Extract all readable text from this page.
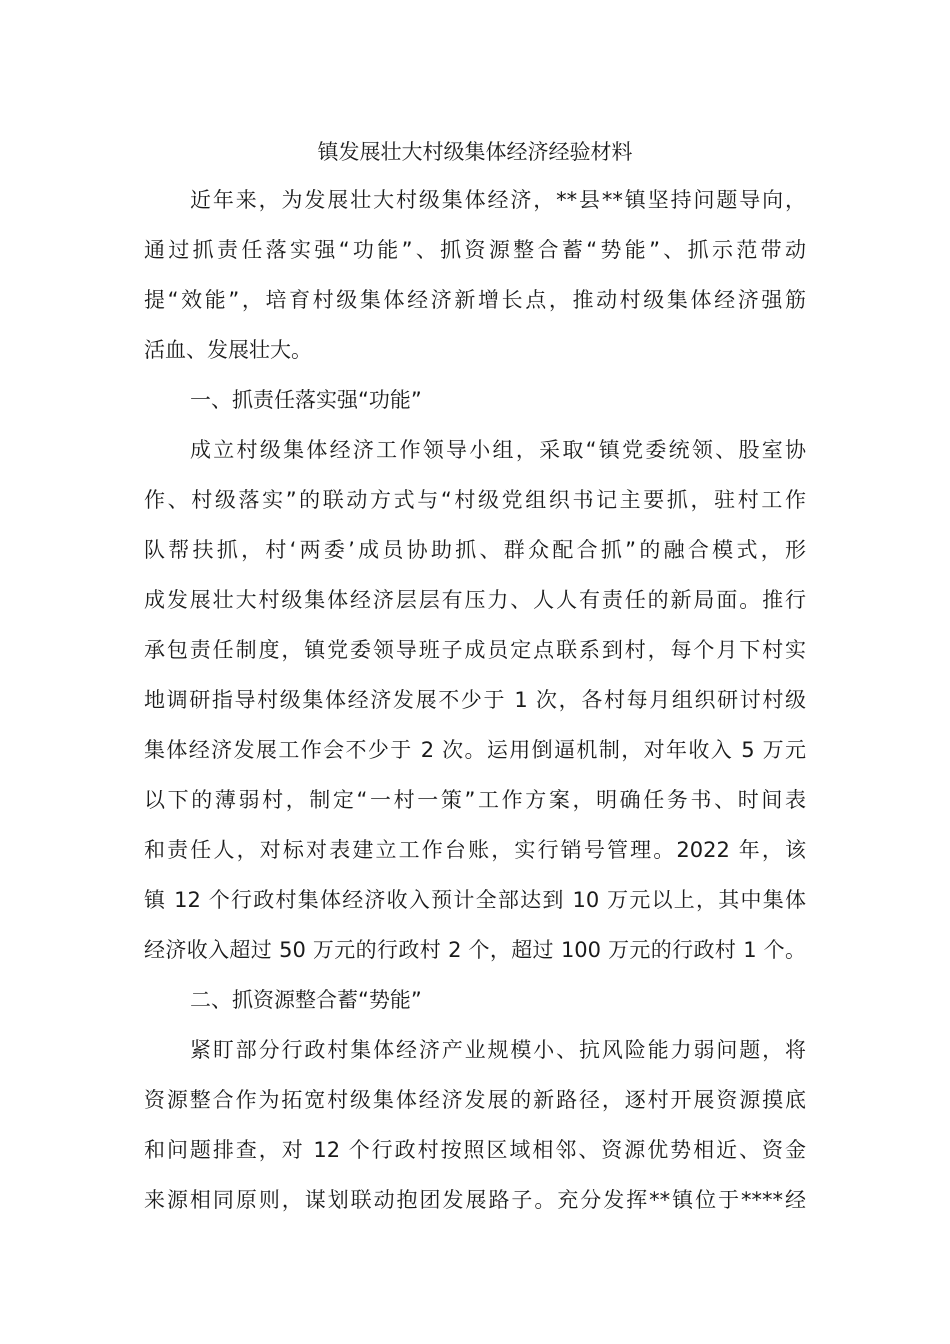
镇发展壮大村级集体经济经验材料

近年来，为发展壮大村级集体经济，**县**镇坚持问题导向，

通过抓责任落实强“功能”、抓资源整合蓄“势能”、抓示范带动

提“效能”，培育村级集体经济新增长点，推动村级集体经济强筋

活血、发展壮大。

一、抓责任落实强“功能”

成立村级集体经济工作领导小组，采取“镇党委统领、股室协

作、村级落实”的联动方式与“村级党组织书记主要抓，驻村工作

队帮扶抓，村‘两委’成员协助抓、群众配合抓”的融合模式，形

成发展壮大村级集体经济层层有压力、人人有责任的新局面。推行

承包责任制度，镇党委领导班子成员定点联系到村，每个月下村实

地调研指导村级集体经济发展不少于 1 次，各村每月组织研讨村级

集体经济发展工作会不少于 2 次。运用倒逼机制，对年收入 5 万元

以下的薄弱村，制定“一村一策”工作方案，明确任务书、时间表

和责任人，对标对表建立工作台账，实行销号管理。2022 年，该

镇 12 个行政村集体经济收入预计全部达到 10 万元以上，其中集体

经济收入超过 50 万元的行政村 2 个，超过 100 万元的行政村 1 个。

二、抓资源整合蓄“势能”

紧盯部分行政村集体经济产业规模小、抗风险能力弱问题，将

资源整合作为拓宽村级集体经济发展的新路径，逐村开展资源摸底

和问题排查，对 12 个行政村按照区域相邻、资源优势相近、资金

来源相同原则，谋划联动抱团发展路子。充分发挥**镇位于****经
